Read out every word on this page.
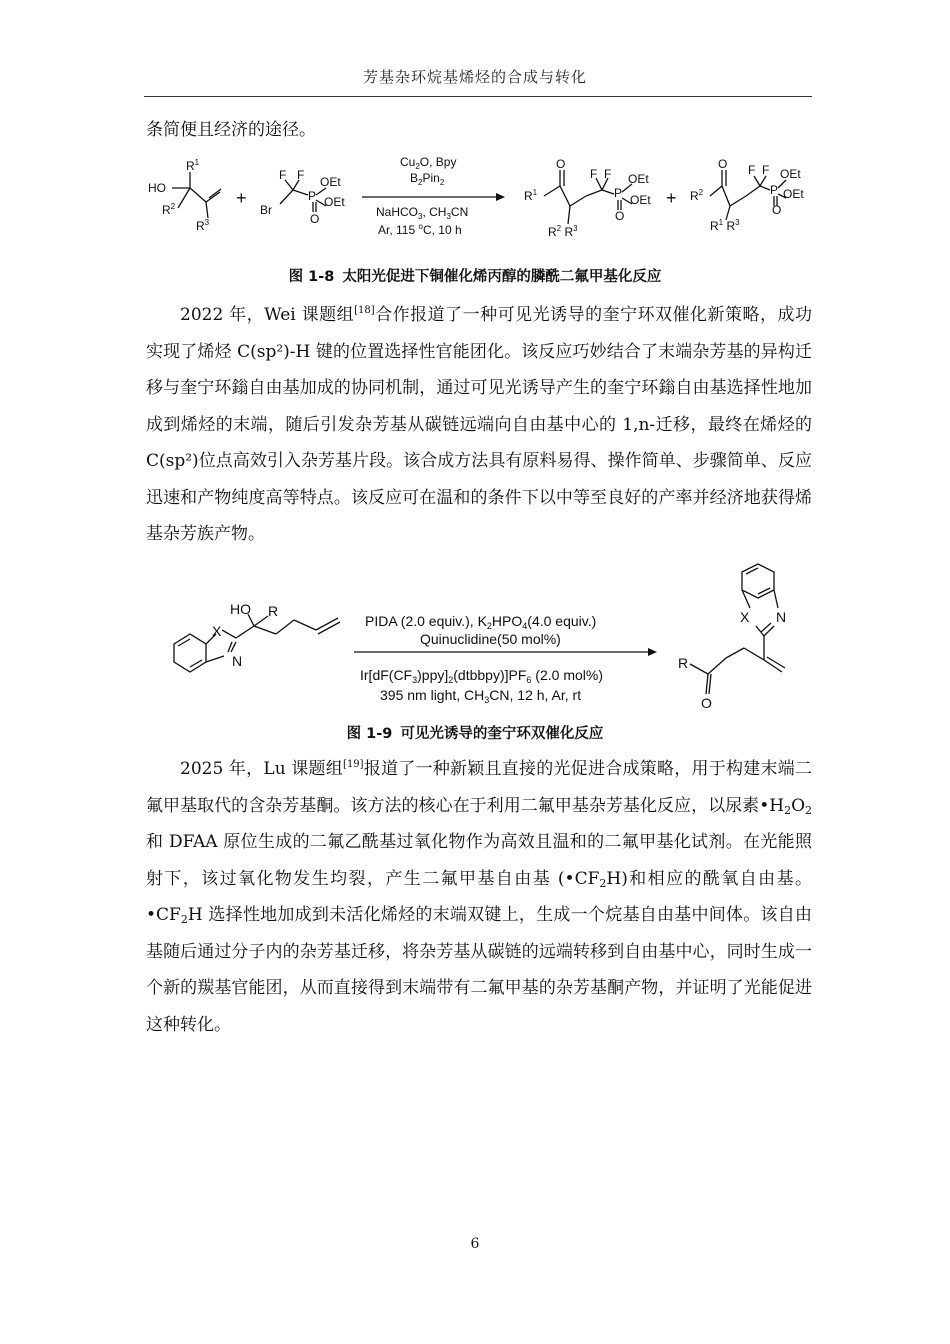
芳基杂环烷基烯烃的合成与转化

条简便且经济的途径。

HO
$R^1$
$R^2$
$R^3$
+
Br
F F
P
OEt
OEt
O
$Cu_2O$, Bpy
$B_2Pin_2$
NaHCO$_3$, $CH_3CN$
Ar, 115 $^o$C, 10 h
$R^1$
O
F F
P
OEt
OEt
O
$R^2$ $R^3$
+ $R^2$
O F F
P
OEt
OEt
O
$R^1$ $R^3$

图 1-8 太阳光促进下铜催化烯丙醇的膦酰二氟甲基化反应

2022 年，Wei 课题组[18]合作报道了一种可见光诱导的奎宁环双催化新策略，成功实现了烯烃 C(sp²)-H 键的位置选择性官能团化。该反应巧妙结合了末端杂芳基的异构迁移与奎宁环鎓自由基加成的协同机制，通过可见光诱导产生的奎宁环鎓自由基选择性地加成到烯烃的末端，随后引发杂芳基从碳链远端向自由基中心的 1,n-迁移，最终在烯烃的 C(sp²)位点高效引入杂芳基片段。该合成方法具有原料易得、操作简单、步骤简单、反应迅速和产物纯度高等特点。该反应可在温和的条件下以中等至良好的产率并经济地获得烯基杂芳族产物。

X
N
HO R
PIDA (2.0 equiv.), $K_2HPO_4(4.0$ equiv.)
Quinuclidine(50 mol%)
$Ir[dF(CF_3)ppy]_2(dtbbpy)]PF_6$ (2.0 mol%)
395 nm light, $CH_3CN$, 12 h, Ar, rt
X N
R
O

图 1-9 可见光诱导的奎宁环双催化反应

2025 年，Lu 课题组[19]报道了一种新颖且直接的光促进合成策略，用于构建末端二氟甲基取代的含杂芳基酮。该方法的核心在于利用二氟甲基杂芳基化反应，以尿素$•H_2O_2$ 和 DFAA 原位生成的二氟乙酰基过氧化物作为高效且温和的二氟甲基化试剂。在光能照射下，该过氧化物发生均裂，产生二氟甲基自由基 $(•CF_2H)$和相应的酰氧自由基。$•CF_2H$ 选择性地加成到未活化烯烃的末端双键上，生成一个烷基自由基中间体。该自由基随后通过分子内的杂芳基迁移，将杂芳基从碳链的远端转移到自由基中心，同时生成一个新的羰基官能团，从而直接得到末端带有二氟甲基的杂芳基酮产物，并证明了光能促进这种转化。

6
